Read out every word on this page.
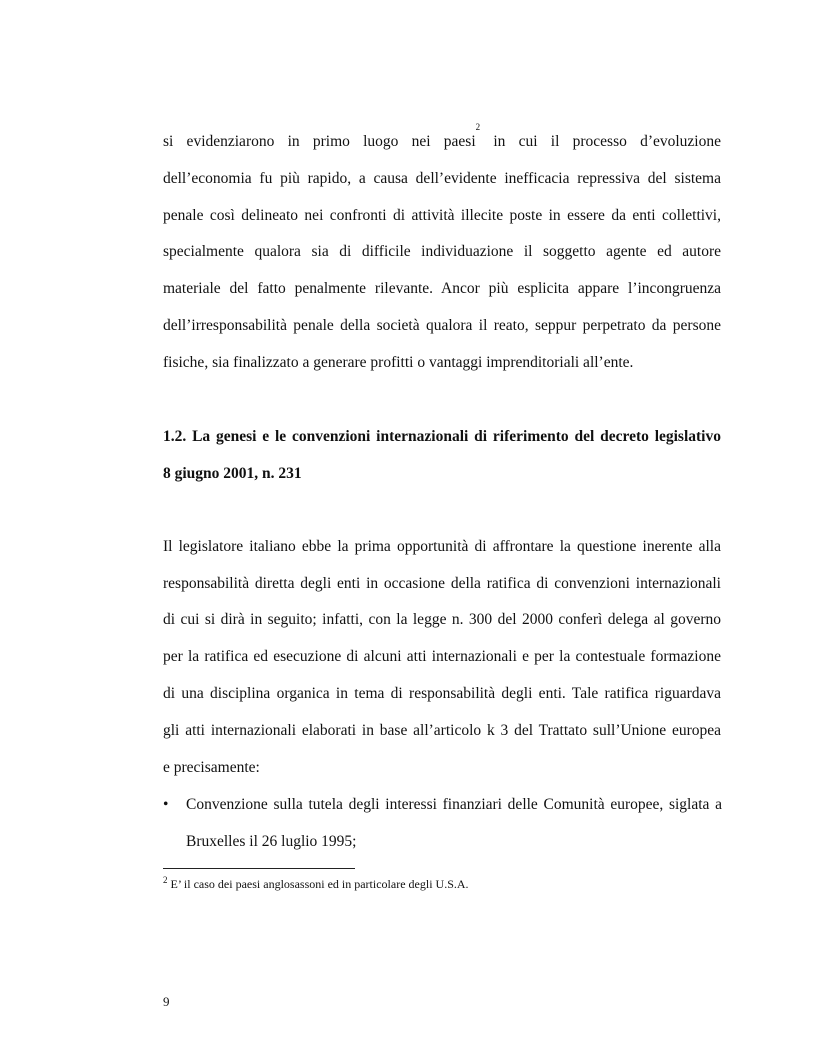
si evidenziarono in primo luogo nei paesi$^2$ in cui il processo d’evoluzione
dell’economia fu più rapido, a causa dell’evidente inefficacia repressiva del sistema
penale così delineato nei confronti di attività illecite poste in essere da enti collettivi,
specialmente qualora sia di difficile individuazione il soggetto agente ed autore
materiale del fatto penalmente rilevante. Ancor più esplicita appare l’incongruenza
dell’irresponsabilità penale della società qualora il reato, seppur perpetrato da persone
fisiche, sia finalizzato a generare profitti o vantaggi imprenditoriali all’ente.
1.2. La genesi e le convenzioni internazionali di riferimento del decreto legislativo
8 giugno 2001, n. 231
Il legislatore italiano ebbe la prima opportunità di affrontare la questione inerente alla
responsabilità diretta degli enti in occasione della ratifica di convenzioni internazionali
di cui si dirà in seguito; infatti, con la legge n. 300 del 2000 conferì delega al governo
per la ratifica ed esecuzione di alcuni atti internazionali e per la contestuale formazione
di una disciplina organica in tema di responsabilità degli enti. Tale ratifica riguardava
gli atti internazionali elaborati in base all’articolo k 3 del Trattato sull’Unione europea
e precisamente:
• Convenzione sulla tutela degli interessi finanziari delle Comunità europee, siglata a
Bruxelles il 26 luglio 1995;
$^2$ E’ il caso dei paesi anglosassoni ed in particolare degli U.S.A.
9
